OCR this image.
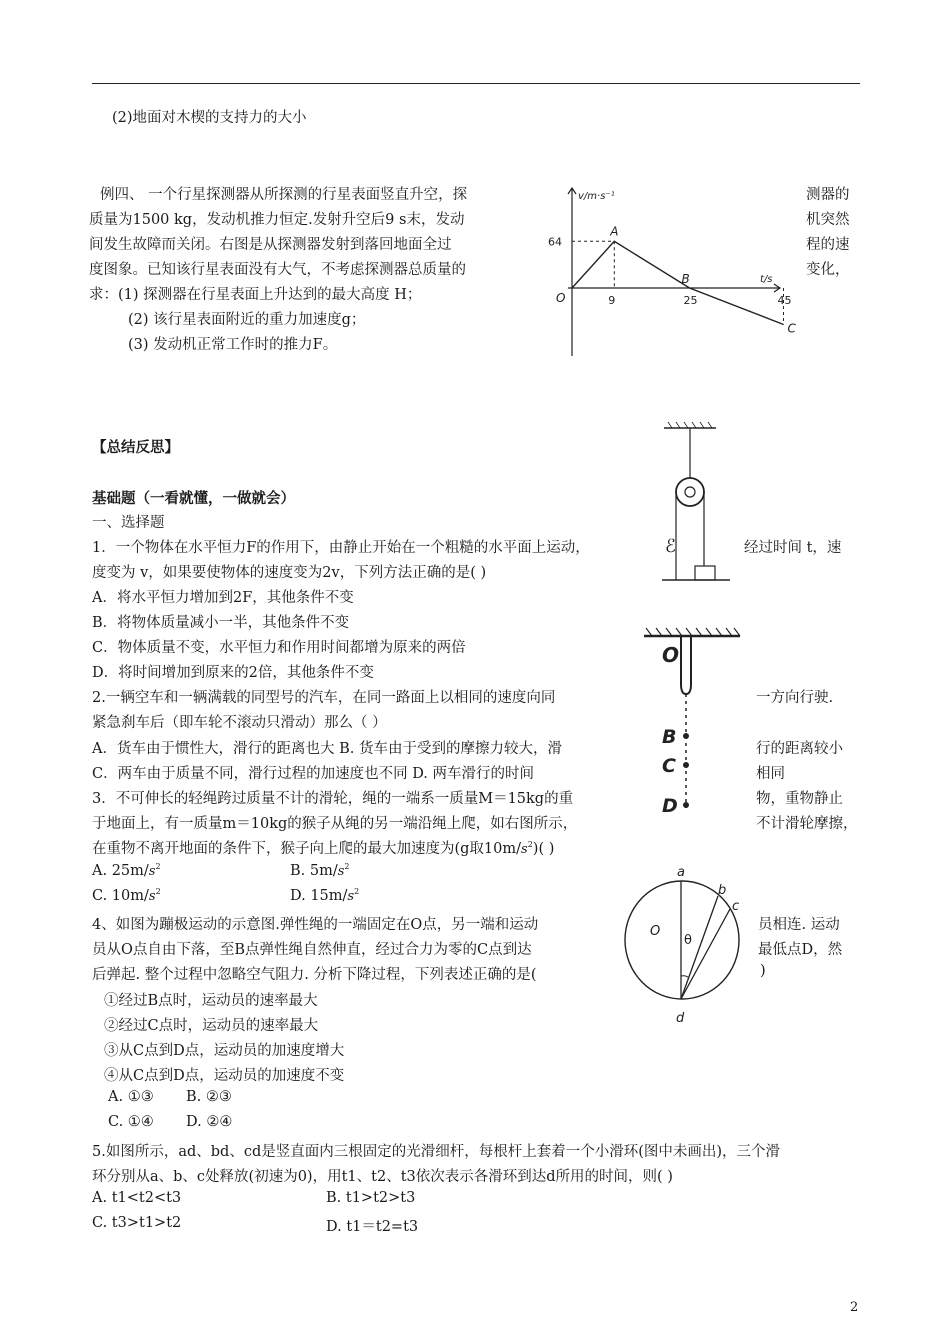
(2)地面对木楔的支持力的大小
例四、 一个行星探测器从所探测的行星表面竖直升空，探
质量为1500 kg，发动机推力恒定.发射升空后9 s末，发动
间发生故障而关闭。右图是从探测器发射到落回地面全过
度图象。已知该行星表面没有大气，不考虑探测器总质量的
求：(1) 探测器在行星表面上升达到的最大高度 H；
(2) 该行星表面附近的重力加速度g；
(3) 发动机正常工作时的推力F。
测器的
机突然
程的速
变化，
9	25	45
64
O
A
B
C
v/m·s⁻¹
t/s
【总结反思】
基础题（一看就懂，一做就会）
一、选择题
1．一个物体在水平恒力F的作用下，由静止开始在一个粗糙的水平面上运动，	经过时间 t，速
度变为 v，如果要使物体的速度变为2v，下列方法正确的是( )
A．将水平恒力增加到2F，其他条件不变
B．将物体质量减小一半，其他条件不变
C．物体质量不变，水平恒力和作用时间都增为原来的两倍
D．将时间增加到原来的2倍，其他条件不变
2.一辆空车和一辆满载的同型号的汽车，在同一路面上以相同的速度向同	一方向行驶.
紧急刹车后（即车轮不滚动只滑动）那么（ ）
A．货车由于惯性大，滑行的距离也大 B. 货车由于受到的摩擦力较大，滑	行的距离较小
C．两车由于质量不同，滑行过程的加速度也不同 D. 两车滑行的时间	相同
3．不可伸长的轻绳跨过质量不计的滑轮，绳的一端系一质量M＝15kg的重	物，重物静止
于地面上，有一质量m＝10kg的猴子从绳的另一端沿绳上爬，如右图所示，	不计滑轮摩擦，
在重物不离开地面的条件下，猴子向上爬的最大加速度为(g取$10m/s^2$)( )
A. $25m/s^2$	B. $5m/s^2$
C. $10m/s^2$	D. $15m/s^2$
4、如图为蹦极运动的示意图.弹性绳的一端固定在O点，另一端和运动	员相连. 运动
员从O点自由下落，至B点弹性绳自然伸直，经过合力为零的C点到达	最低点D，然
后弹起. 整个过程中忽略空气阻力. 分析下降过程，下列表述正确的是(	)
①经过B点时，运动员的速率最大
②经过C点时，运动员的速率最大
③从C点到D点，运动员的加速度增大
④从C点到D点，运动员的加速度不变
A. ①③       B. ②③
C. ①④       D. ②④
5.如图所示，ad、bd、cd是竖直面内三根固定的光滑细杆，每根杆上套着一个小滑环(图中未画出)，三个滑
环分别从a、b、c处释放(初速为0)，用t1、t2、t3依次表示各滑环到达d所用的时间，则( )
A. t1<t2<t3	B. t1>t2>t3
C. t3>t1>t2	D. t1＝t2=t3
ℰ
O
B
C
D
a
b
c
d
O
θ
2
